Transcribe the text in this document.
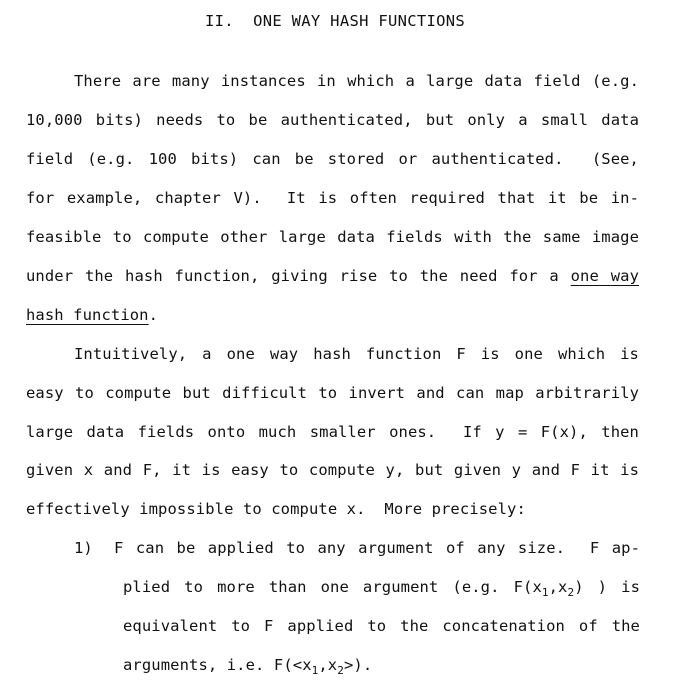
II.  ONE WAY HASH FUNCTIONS
There are many instances in which a large data field (e.g.
10,000 bits) needs to be authenticated, but only a small data
field (e.g. 100 bits) can be stored or authenticated.  (See,
for example, chapter V).  It is often required that it be in-
feasible to compute other large data fields with the same image
under the hash function, giving rise to the need for a one way
hash function.
Intuitively, a one way hash function F is one which is
easy to compute but difficult to invert and can map arbitrarily
large data fields onto much smaller ones.  If y = F(x), then
given x and F, it is easy to compute y, but given y and F it is
effectively impossible to compute x.  More precisely:
1) F can be applied to any argument of any size.  F ap-
plied to more than one argument (e.g. $F(x_1,x_2)$ ) is
equivalent to F applied to the concatenation of the
arguments, i.e. $F(<x_1,x_2>)$.
